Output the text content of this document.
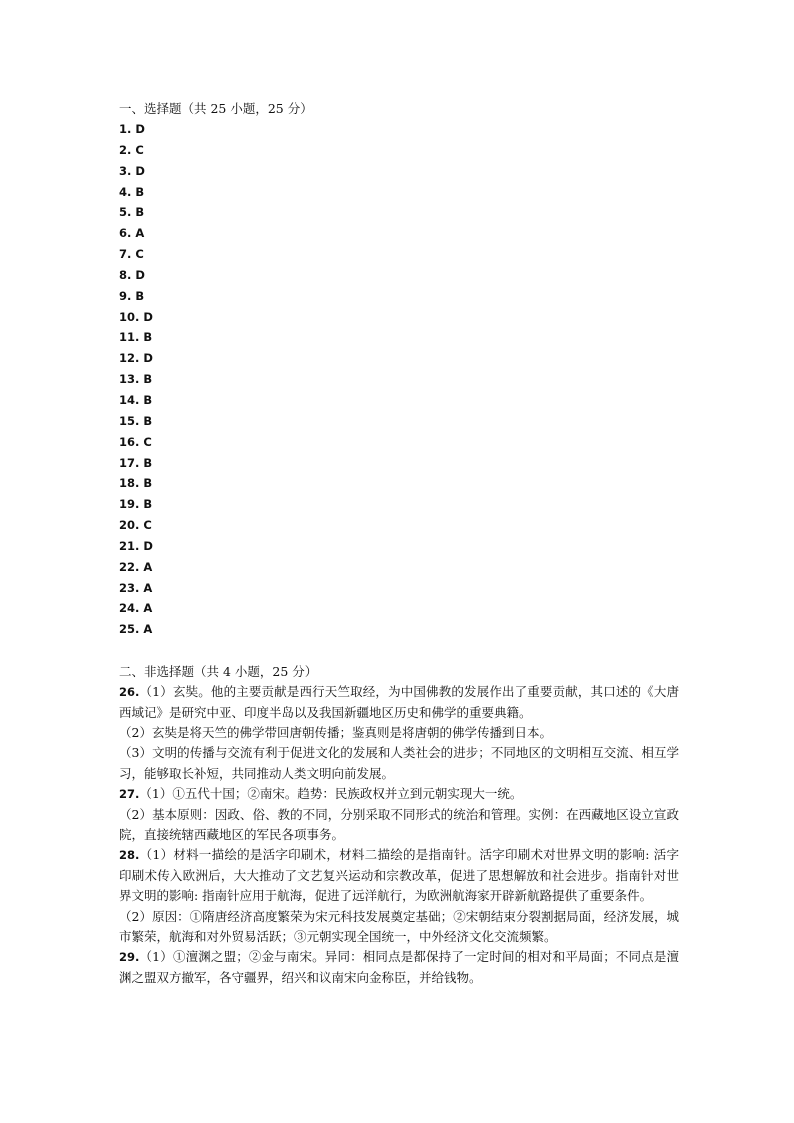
一、选择题（共 25 小题，25 分）
1. D
2. C
3. D
4. B
5. B
6. A
7. C
8. D
9. B
10. D
11. B
12. D
13. B
14. B
15. B
16. C
17. B
18. B
19. B
20. C
21. D
22. A
23. A
24. A
25. A
二、非选择题（共 4 小题，25 分）

26.（1）玄奘。他的主要贡献是西行天竺取经，为中国佛教的发展作出了重要贡献，其口述的《大唐西域记》是研究中亚、印度半岛以及我国新疆地区历史和佛学的重要典籍。

（2）玄奘是将天竺的佛学带回唐朝传播；鉴真则是将唐朝的佛学传播到日本。

（3）文明的传播与交流有利于促进文化的发展和人类社会的进步；不同地区的文明相互交流、相互学习，能够取长补短，共同推动人类文明向前发展。

27.（1）①五代十国；②南宋。趋势：民族政权并立到元朝实现大一统。

（2）基本原则：因政、俗、教的不同，分别采取不同形式的统治和管理。实例：在西藏地区设立宣政院，直接统辖西藏地区的军民各项事务。

28.（1）材料一描绘的是活字印刷术，材料二描绘的是指南针。活字印刷术对世界文明的影响: 活字印刷术传入欧洲后，大大推动了文艺复兴运动和宗教改革，促进了思想解放和社会进步。指南针对世界文明的影响: 指南针应用于航海，促进了远洋航行，为欧洲航海家开辟新航路提供了重要条件。

（2）原因：①隋唐经济高度繁荣为宋元科技发展奠定基础；②宋朝结束分裂割据局面，经济发展，城市繁荣，航海和对外贸易活跃；③元朝实现全国统一，中外经济文化交流频繁。

29.（1）①澶渊之盟；②金与南宋。异同：相同点是都保持了一定时间的相对和平局面；不同点是澶渊之盟双方撤军，各守疆界，绍兴和议南宋向金称臣，并给钱物。
